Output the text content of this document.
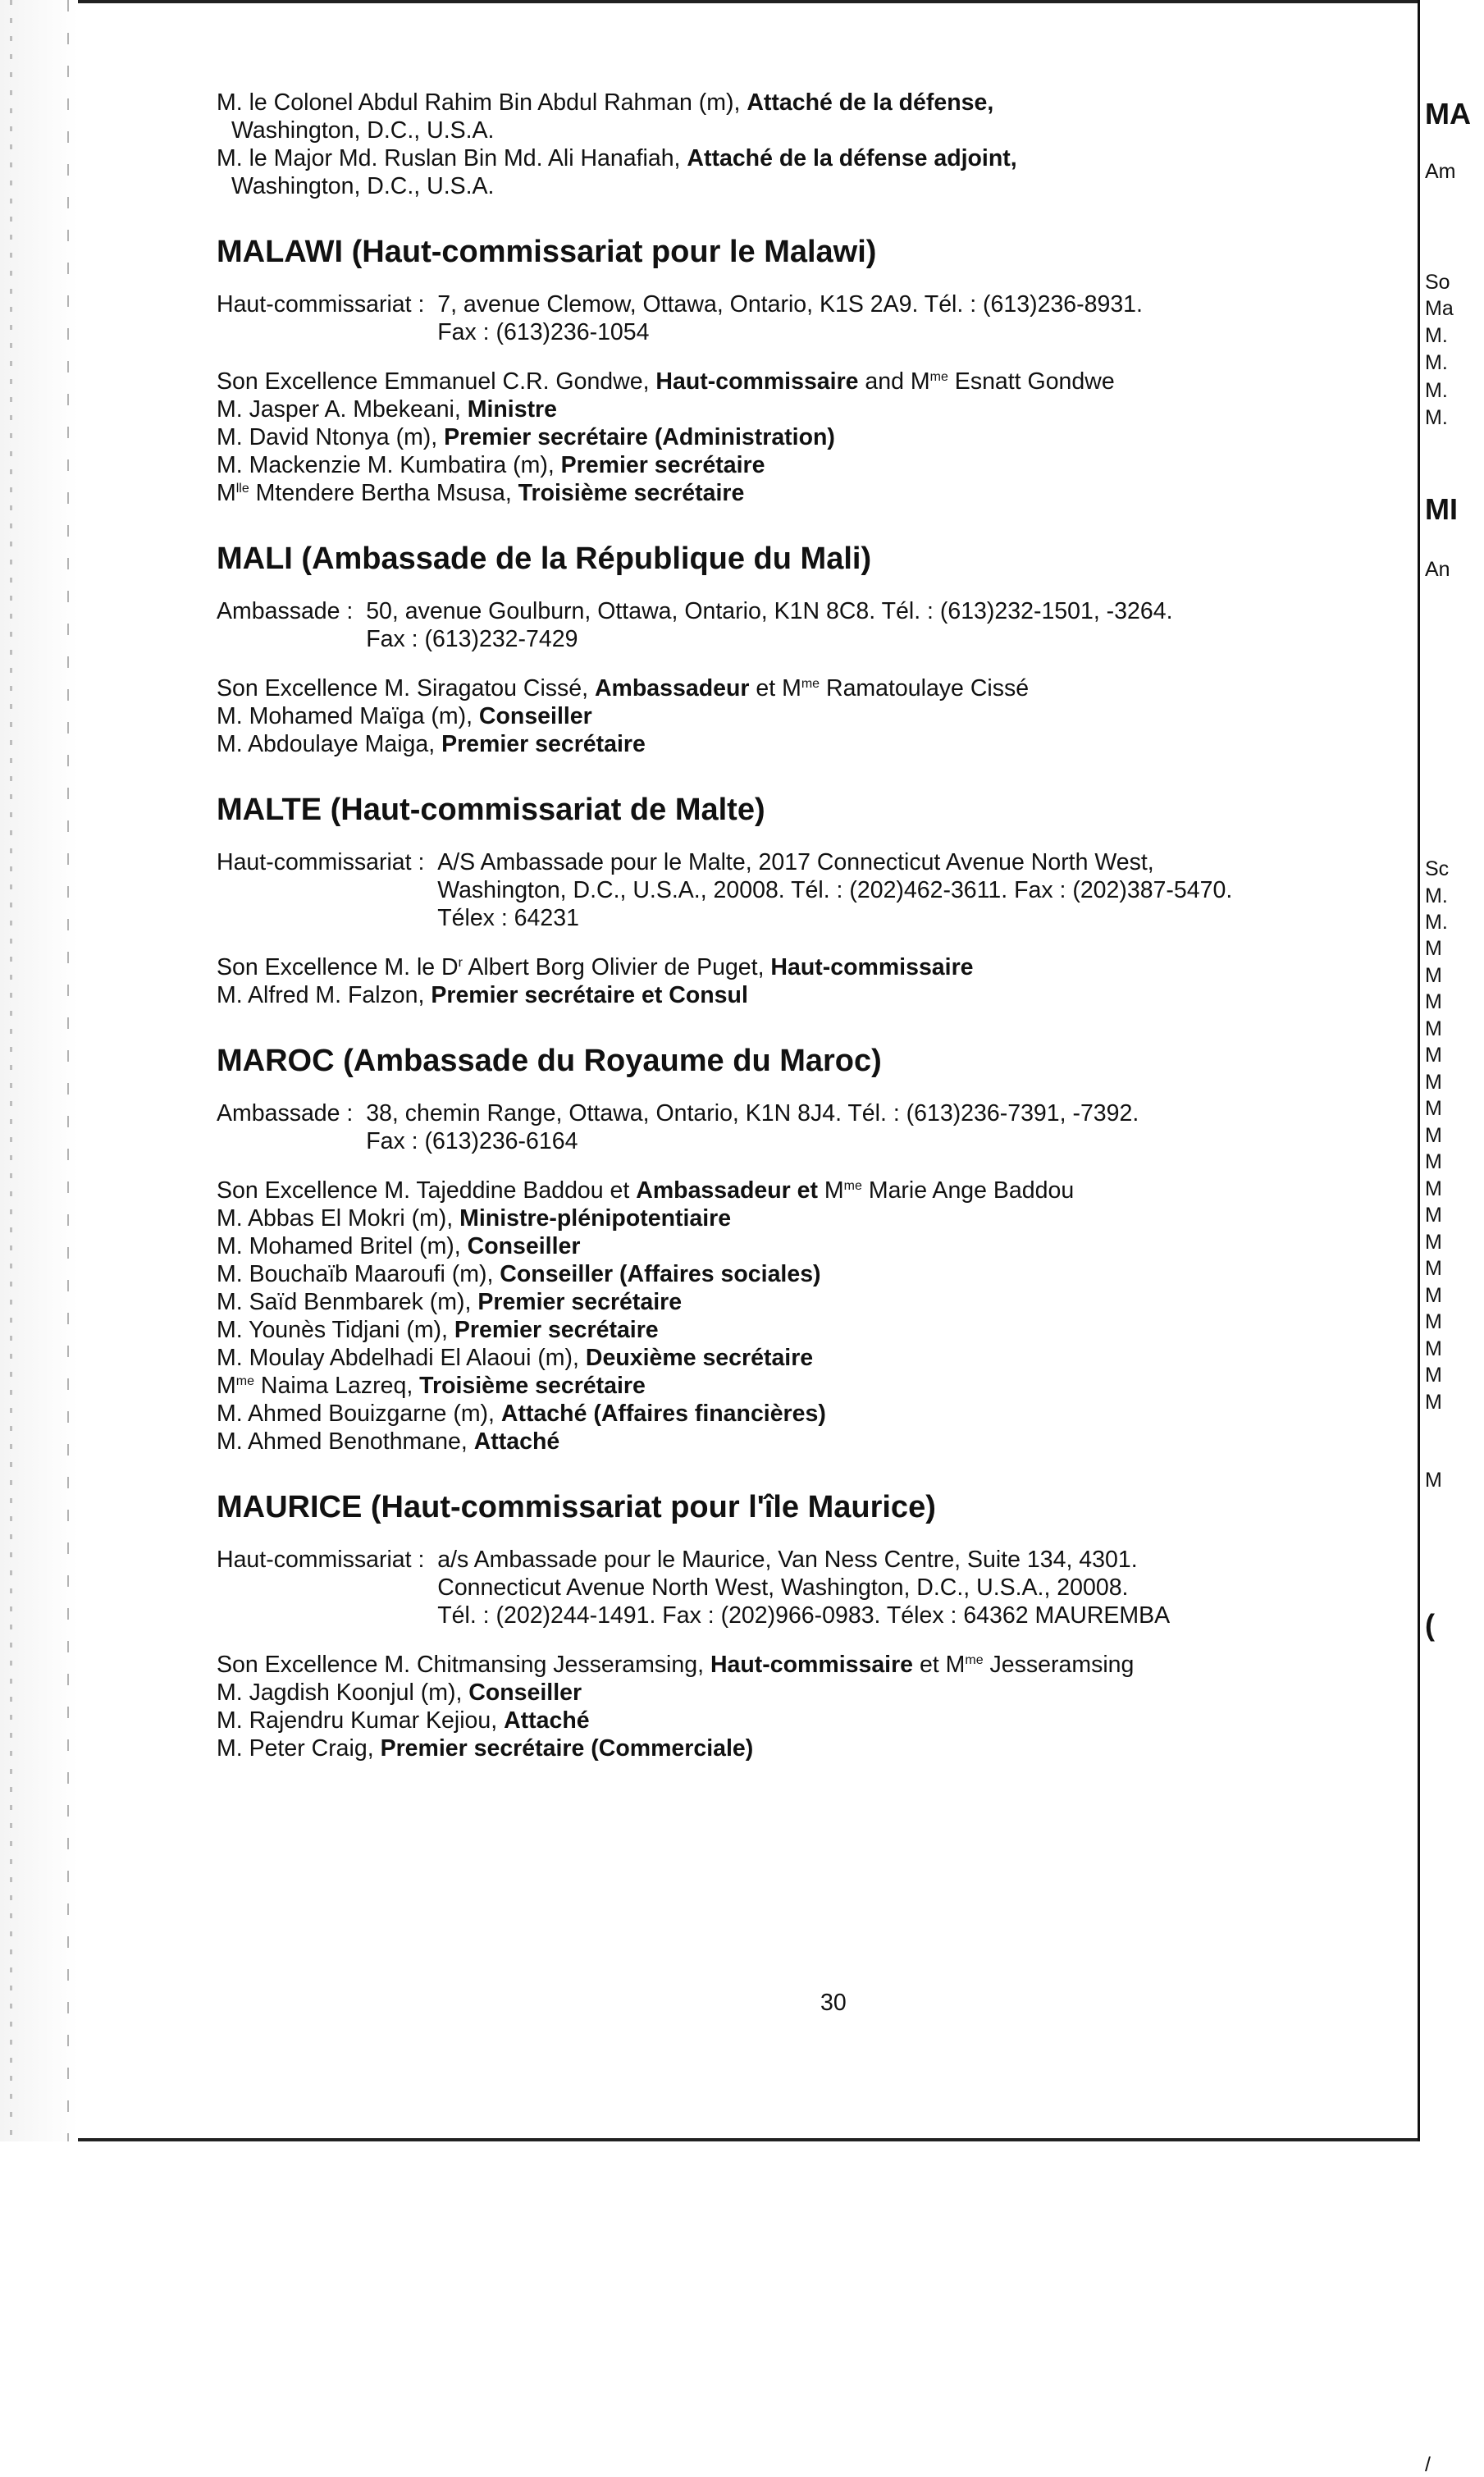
MA
Am
So
Ma
M.
M.
M.
M.
MI
An
Sc
M.
M.
M
M
M
M
M
M
M
M
M
M
M
M
M
M
M
M
M
M
M
(
/
M. le Colonel Abdul Rahim Bin Abdul Rahman (m), Attaché de la défense,
Washington, D.C., U.S.A.
M. le Major Md. Ruslan Bin Md. Ali Hanafiah, Attaché de la défense adjoint,
Washington, D.C., U.S.A.
MALAWI (Haut-commissariat pour le Malawi)
Haut-commissariat : 7, avenue Clemow, Ottawa, Ontario, K1S 2A9. Tél. : (613)236-8931.
Fax : (613)236-1054
Son Excellence Emmanuel C.R. Gondwe, Haut-commissaire and $M^{me}$ Esnatt Gondwe
M. Jasper A. Mbekeani, Ministre
M. David Ntonya (m), Premier secrétaire (Administration)
M. Mackenzie M. Kumbatira (m), Premier secrétaire
$M^{lle}$ Mtendere Bertha Msusa, Troisième secrétaire
MALI (Ambassade de la République du Mali)
Ambassade : 50, avenue Goulburn, Ottawa, Ontario, K1N 8C8. Tél. : (613)232-1501, -3264.
Fax : (613)232-7429
Son Excellence M. Siragatou Cissé, Ambassadeur et $M^{me}$ Ramatoulaye Cissé
M. Mohamed Maïga (m), Conseiller
M. Abdoulaye Maiga, Premier secrétaire
MALTE (Haut-commissariat de Malte)
Haut-commissariat : A/S Ambassade pour le Malte, 2017 Connecticut Avenue North West,
Washington, D.C., U.S.A., 20008. Tél. : (202)462-3611. Fax : (202)387-5470.
Télex : 64231
Son Excellence M. le $D^r$ Albert Borg Olivier de Puget, Haut-commissaire
M. Alfred M. Falzon, Premier secrétaire et Consul
MAROC (Ambassade du Royaume du Maroc)
Ambassade : 38, chemin Range, Ottawa, Ontario, K1N 8J4. Tél. : (613)236-7391, -7392.
Fax : (613)236-6164
Son Excellence M. Tajeddine Baddou et Ambassadeur et $M^{me}$ Marie Ange Baddou
M. Abbas El Mokri (m), Ministre-plénipotentiaire
M. Mohamed Britel (m), Conseiller
M. Bouchaïb Maaroufi (m), Conseiller (Affaires sociales)
M. Saïd Benmbarek (m), Premier secrétaire
M. Younès Tidjani (m), Premier secrétaire
M. Moulay Abdelhadi El Alaoui (m), Deuxième secrétaire
$M^{me}$ Naima Lazreq, Troisième secrétaire
M. Ahmed Bouizgarne (m), Attaché (Affaires financières)
M. Ahmed Benothmane, Attaché
MAURICE (Haut-commissariat pour l'île Maurice)
Haut-commissariat : a/s Ambassade pour le Maurice, Van Ness Centre, Suite 134, 4301.
Connecticut Avenue North West, Washington, D.C., U.S.A., 20008.
Tél. : (202)244-1491. Fax : (202)966-0983. Télex : 64362 MAUREMBA
Son Excellence M. Chitmansing Jesseramsing, Haut-commissaire et $M^{me}$ Jesseramsing
M. Jagdish Koonjul (m), Conseiller
M. Rajendru Kumar Kejiou, Attaché
M. Peter Craig, Premier secrétaire (Commerciale)
30
